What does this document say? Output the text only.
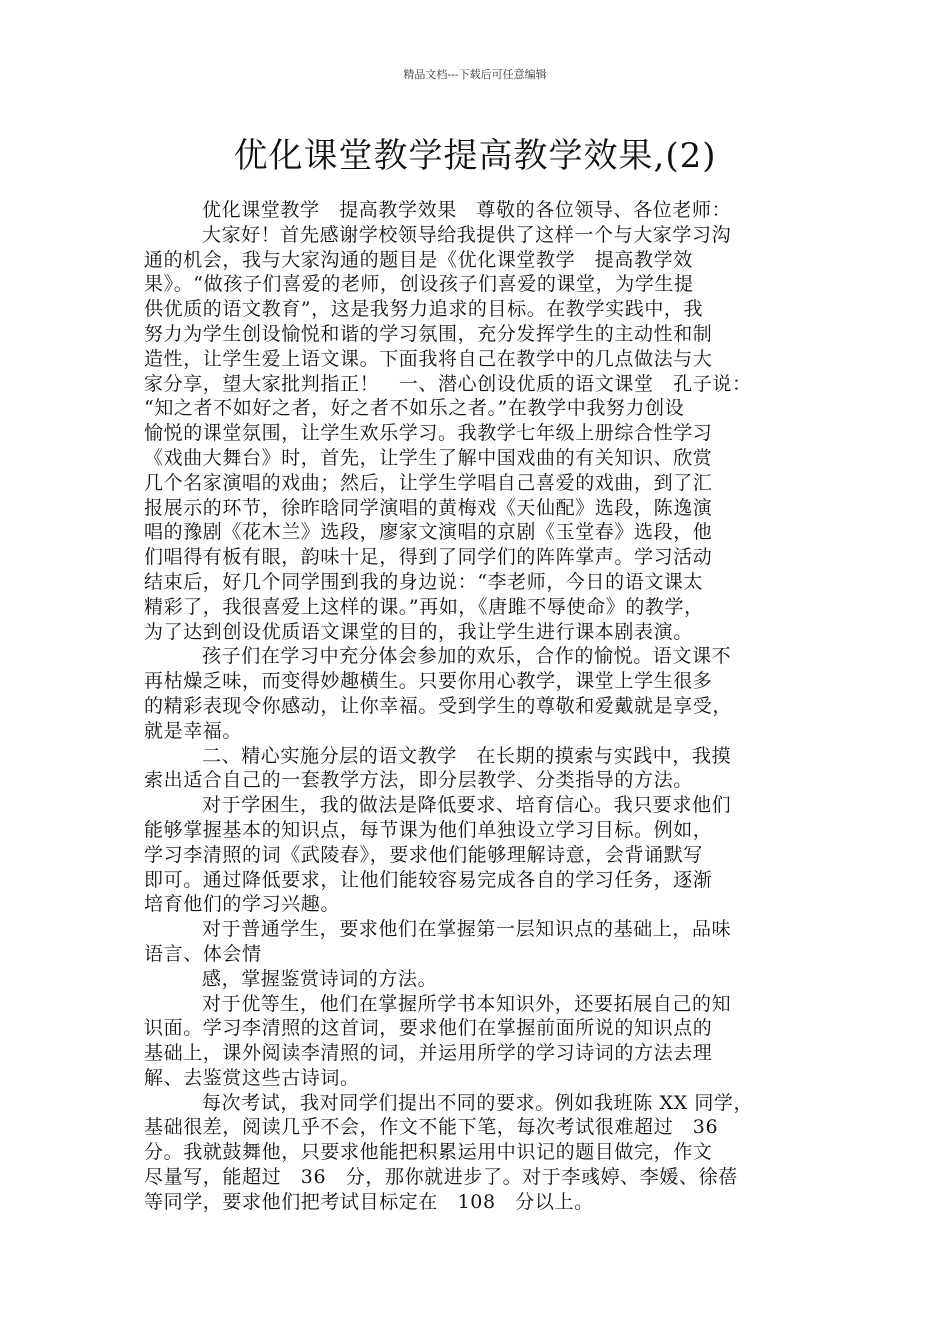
精品文档---下载后可任意编辑
优化课堂教学提高教学效果,(2)
优化课堂教学　提高教学效果　尊敬的各位领导、各位老师：
大家好！首先感谢学校领导给我提供了这样一个与大家学习沟
通的机会，我与大家沟通的题目是《优化课堂教学　提高教学效
果》。“做孩子们喜爱的老师，创设孩子们喜爱的课堂，为学生提
供优质的语文教育”，这是我努力追求的目标。在教学实践中，我
努力为学生创设愉悦和谐的学习氛围，充分发挥学生的主动性和制
造性，让学生爱上语文课。下面我将自己在教学中的几点做法与大
家分享，望大家批判指正！　一、潜心创设优质的语文课堂　孔子说：
“知之者不如好之者，好之者不如乐之者。”在教学中我努力创设
愉悦的课堂氛围，让学生欢乐学习。我教学七年级上册综合性学习
《戏曲大舞台》时，首先，让学生了解中国戏曲的有关知识、欣赏
几个名家演唱的戏曲；然后，让学生学唱自己喜爱的戏曲，到了汇
报展示的环节，徐昨晗同学演唱的黄梅戏《天仙配》选段，陈逸演
唱的豫剧《花木兰》选段，廖家文演唱的京剧《玉堂春》选段，他
们唱得有板有眼，韵味十足，得到了同学们的阵阵掌声。学习活动
结束后，好几个同学围到我的身边说：“李老师，今日的语文课太
精彩了，我很喜爱上这样的课。”再如，《唐雎不辱使命》的教学，
为了达到创设优质语文课堂的目的，我让学生进行课本剧表演。
孩子们在学习中充分体会参加的欢乐，合作的愉悦。语文课不
再枯燥乏味，而变得妙趣横生。只要你用心教学，课堂上学生很多
的精彩表现令你感动，让你幸福。受到学生的尊敬和爱戴就是享受，
就是幸福。
二、精心实施分层的语文教学　在长期的摸索与实践中，我摸
索出适合自己的一套教学方法，即分层教学、分类指导的方法。
对于学困生，我的做法是降低要求、培育信心。我只要求他们
能够掌握基本的知识点，每节课为他们单独设立学习目标。例如，
学习李清照的词《武陵春》，要求他们能够理解诗意，会背诵默写
即可。通过降低要求，让他们能较容易完成各自的学习任务，逐渐
培育他们的学习兴趣。
对于普通学生，要求他们在掌握第一层知识点的基础上，品味
语言、体会情
感，掌握鉴赏诗词的方法。
对于优等生，他们在掌握所学书本知识外，还要拓展自己的知
识面。学习李清照的这首词，要求他们在掌握前面所说的知识点的
基础上，课外阅读李清照的词，并运用所学的学习诗词的方法去理
解、去鉴赏这些古诗词。
每次考试，我对同学们提出不同的要求。例如我班陈 XX 同学，
基础很差，阅读几乎不会，作文不能下笔，每次考试很难超过　36
分。我就鼓舞他，只要求他能把积累运用中识记的题目做完，作文
尽量写，能超过　36　分，那你就进步了。对于李彧婷、李媛、徐蓓
等同学，要求他们把考试目标定在　108　分以上。
